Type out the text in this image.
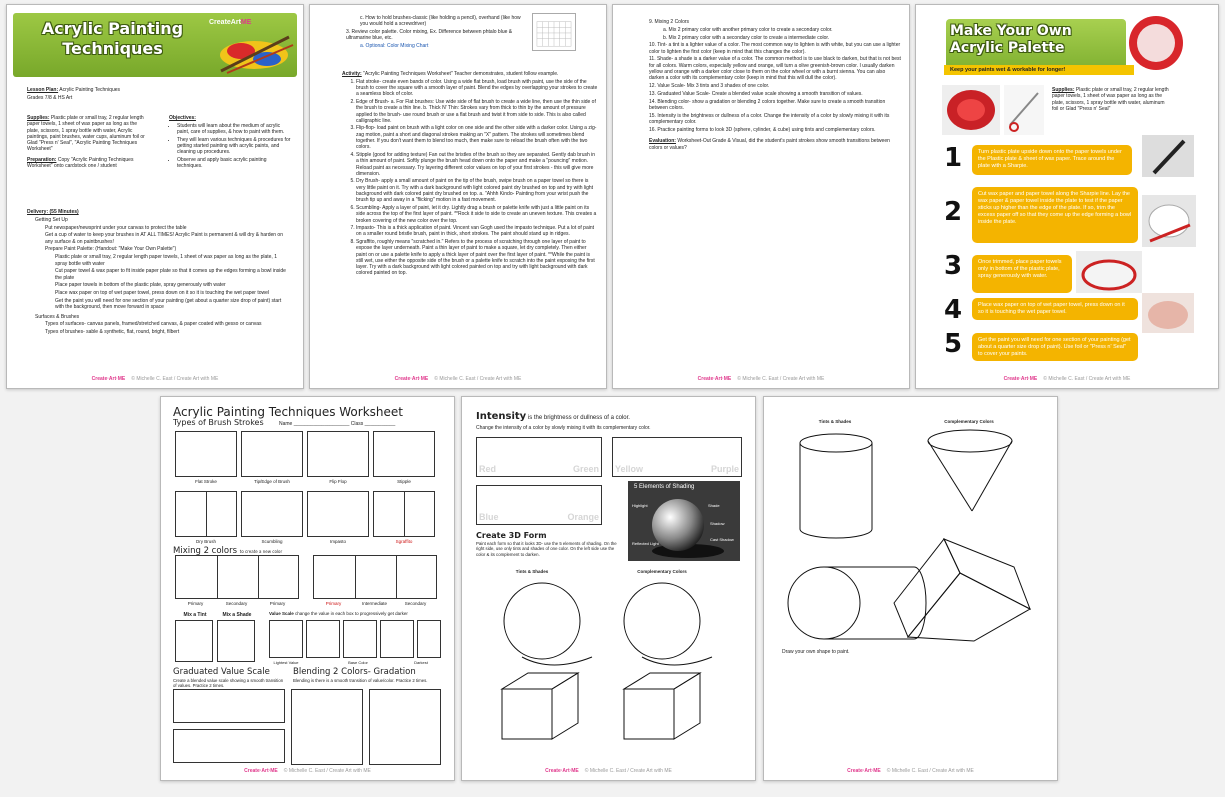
Acrylic Painting
Techniques
CreateArtME

Lesson Plan: Acrylic Painting Techniques

Grades 7/8 & HS Art

Supplies: Plastic plate or small tray, 2 regular length paper towels, 1 sheet of wax paper as long as the plate, scissors, 1 spray bottle with water, Acrylic paintings, paint brushes, water cups, aluminum foil or Glad "Press n' Seal", "Acrylic Painting Techniques Worksheet"

Preparation: Copy "Acrylic Painting Techniques Worksheet" onto cardstock one / student

Objectives:

• Students will learn about the medium of acrylic paint, care of supplies, & how to paint with them.
• They will learn various techniques & procedures for getting started painting with acrylic paints, and cleaning up procedures.
• Observe and apply basic acrylic painting techniques.

Delivery: (55 Minutes)

Getting Set Up

Put newspaper/newsprint under your canvas to protect the table

Get a cup of water to keep your brushes in AT ALL TIMES! Acrylic Paint is permanent & will dry & harden on any surface & on paintbrushes!

Prepare Paint Palette: (Handout: "Make Your Own Palette")

Plastic plate or small tray, 2 regular length paper towels, 1 sheet of wax paper as long as the plate, 1 spray bottle with water

Cut paper towel & wax paper to fit inside paper plate so that it comes up the edges forming a bowl inside the plate

Place paper towels in bottom of the plastic plate, spray generously with water

Place wax paper on top of wet paper towel, press down on it so it is touching the wet paper towel

Get the paint you will need for one section of your painting (get about a quarter size drop of paint) start with the background, then move forward in space

Surfaces & Brushes

Types of surfaces- canvas panels, framed/stretched canvas, & paper coated with gesso or canvas

Types of brushes- sable & synthetic, flat, round, bright, filbert

Create·Art·ME © Michelle C. East / Create Art with ME

c. How to hold brushes-classic (like holding a pencil), overhand (like how you would hold a screwdriver)

3. Review color palette. Color mixing, Ex. Difference between phtalo blue & ultramarine blue, etc.

a. Optional: Color Mixing Chart

Activity: "Acrylic Painting Techniques Worksheet" Teacher demonstrates, student follow example.

1. Flat stroke- create even bands of color. Using a wide flat brush, load brush with paint, use the side of the brush to cover the square with a smooth layer of paint. Blend the edges by overlapping your strokes to create a seamless block of color.
2. Edge of Brush- a. For Flat brushes: Use wide side of flat brush to create a wide line, then use the thin side of the brush to create a thin line. b. Thick N' Thin: Strokes vary from thick to thin by the amount of pressure applied to the brush- use round brush or use a flat brush and twist it from side to side. This is also called calligraphic line.
3. Flip-flop- load paint on brush with a light color on one side and the other side with a darker color. Using a zig-zag motion, paint a short and diagonal strokes making an "X" pattern. The strokes will sometimes blend together. If you don't want them to blend too much, then make sure to reload the brush often with the two colors.
4. Stipple (good for adding texture) Fan out the bristles of the brush so they are separated. Gently dab brush in a thin amount of paint. Softly plunge the brush head down onto the paper and make a "pouncing" motion. Reload paint as necessary. Try layering different color values on top of your first strokes - this will give more dimension.
5. Dry Brush- apply a small amount of paint on the tip of the brush, swipe brush on a paper towel so there is very little paint on it. Try with a dark background with light colored paint dry brushed on top and try with light background with dark colored paint dry brushed on top. a. "Ahhh Kindo- Painting from your wrist push the brush tip up and away in a "flicking" motion in a fast movement.
6. Scumbling- Apply a layer of paint, let it dry. Lightly drag a brush or palette knife with just a little paint on its side across the top of the first layer of paint. **Rock it side to side to create an uneven texture. This creates a broken covering of the new color over the top.
7. Impasto- This is a thick application of paint. Vincent van Gogh used the impasto technique. Put a lot of paint on a smaller round bristle brush, paint in thick, short strokes. The paint should stand up in ridges.
8. Sgraffito, roughly means "scratched in." Refers to the process of scratching through one layer of paint to expose the layer underneath. Paint a thin layer of paint to make a square, let dry completely. Then either paint on or use a palette knife to apply a thick layer of paint over the first layer of paint. **While the paint is still wet, use either the opposite side of the brush or a palette knife to scratch into the paint exposing the first layer. Try with a dark background with light colored painted on top and try with light background with dark colored painted on top.
Create·Art·ME © Michelle C. East / Create Art with ME

9. Mixing 2 Colors

a. Mix 2 primary color with another primary color to create a secondary color.

b. Mix 2 primary color with a secondary color to create a intermediate color.

10. Tint- a tint is a lighter value of a color. The most common way to lighten is with white, but you can use a lighter color to lighten the first color (keep in mind that this changes the color).

11. Shade- a shade is a darker value of a color. The common method is to use black to darken, but that is not best for all colors. Warm colors, especially yellow and orange, will turn a olive greenish-brown color. I usually darken yellow and orange with a darker color close to them on the color wheel or with a burnt sienna. You can also darken a color with its complementary color (keep in mind that this will dull the color).

12. Value Scale- Mix 3 tints and 3 shades of one color.

13. Graduated Value Scale- Create a blended value scale showing a smooth transition of values.

14. Blending color- show a gradation or blending 2 colors together. Make sure to create a smooth transition between colors.

15. Intensity is the brightness or dullness of a color. Change the intensity of a color by slowly mixing it with its complementary color.

16. Practice painting forms to look 3D (sphere, cylinder, & cube) using tints and complementary colors.

Evaluation: Worksheet-Out Grade & Visual, did the student's paint strokes show smooth transitions between colors or values?

Create·Art·ME © Michelle C. East / Create Art with ME
Make Your Own
Acrylic Palette
Keep your paints wet & workable for longer!

Supplies: Plastic plate or small tray, 2 regular length paper towels, 1 sheet of wax paper as long as the plate, scissors, 1 spray bottle with water, aluminum foil or Glad "Press n' Seal"

1	Turn plastic plate upside down onto the paper towels under the Plastic plate & sheet of wax paper. Trace around the plate with a Sharpie.
2
Cut wax paper and paper towel along the Sharpie line. Lay the wax paper & paper towel inside the plate to test if the paper sticks up higher than the edge of the plate. If so, trim the excess paper off so that they come up the edge forming a bowl inside the plate.
3	Once trimmed, place paper towels only in bottom of the plastic plate, spray generously with water.
4	Place wax paper on top of wet paper towel, press down on it so it is touching the wet paper towel.
5	Get the paint you will need for one section of your painting (get about a quarter size drop of paint). Use foil or "Press n' Seal" to cover your paints.
Create·Art·ME © Michelle C. East / Create Art with ME
Acrylic Painting Techniques Worksheet
Types of Brush Strokes	Name ____________________ Class ___________
Flat Stroke	Tip/Edge of Brush	Flip Flop	Stipple
Dry Brush	Scumbling	Impasto	Sgraffito
Mixing 2 colors to create a new color
Primary	Secondary	Primary	Primary	Intermediate	Secondary
Mix a Tint	Mix a Shade	Value Scale change the value in each box to progressively get darker
Lightest Value	Base Color	Darkest
Graduated Value Scale
Create a blended value scale showing a smooth transition of values. Practice 2 times.
Blending 2 Colors- Gradation
Blending is there is a smooth transition of value/color. Practice 2 times.
Create·Art·ME © Michelle C. East / Create Art with ME
Intensity is the brightness or dullness of a color.
Change the intensity of a color by slowly mixing it with its complementary color.
Red	Green Yellow	Purple
Blue	Orange
5 Elements of Shading
Highlight	Shade
Shadow
Reflected Light
Cast Shadow
Create 3D Form
Paint each form so that it looks 3D- use the 5 elements of shading. On the right side, use only tints and shades of one color. On the left side use the color & its complement to darken.
Tints & Shades	Complementary Colors
Create·Art·ME © Michelle C. East / Create Art with ME
Tints & Shades	Complementary Colors
Draw your own shape to paint.
Create·Art·ME © Michelle C. East / Create Art with ME
